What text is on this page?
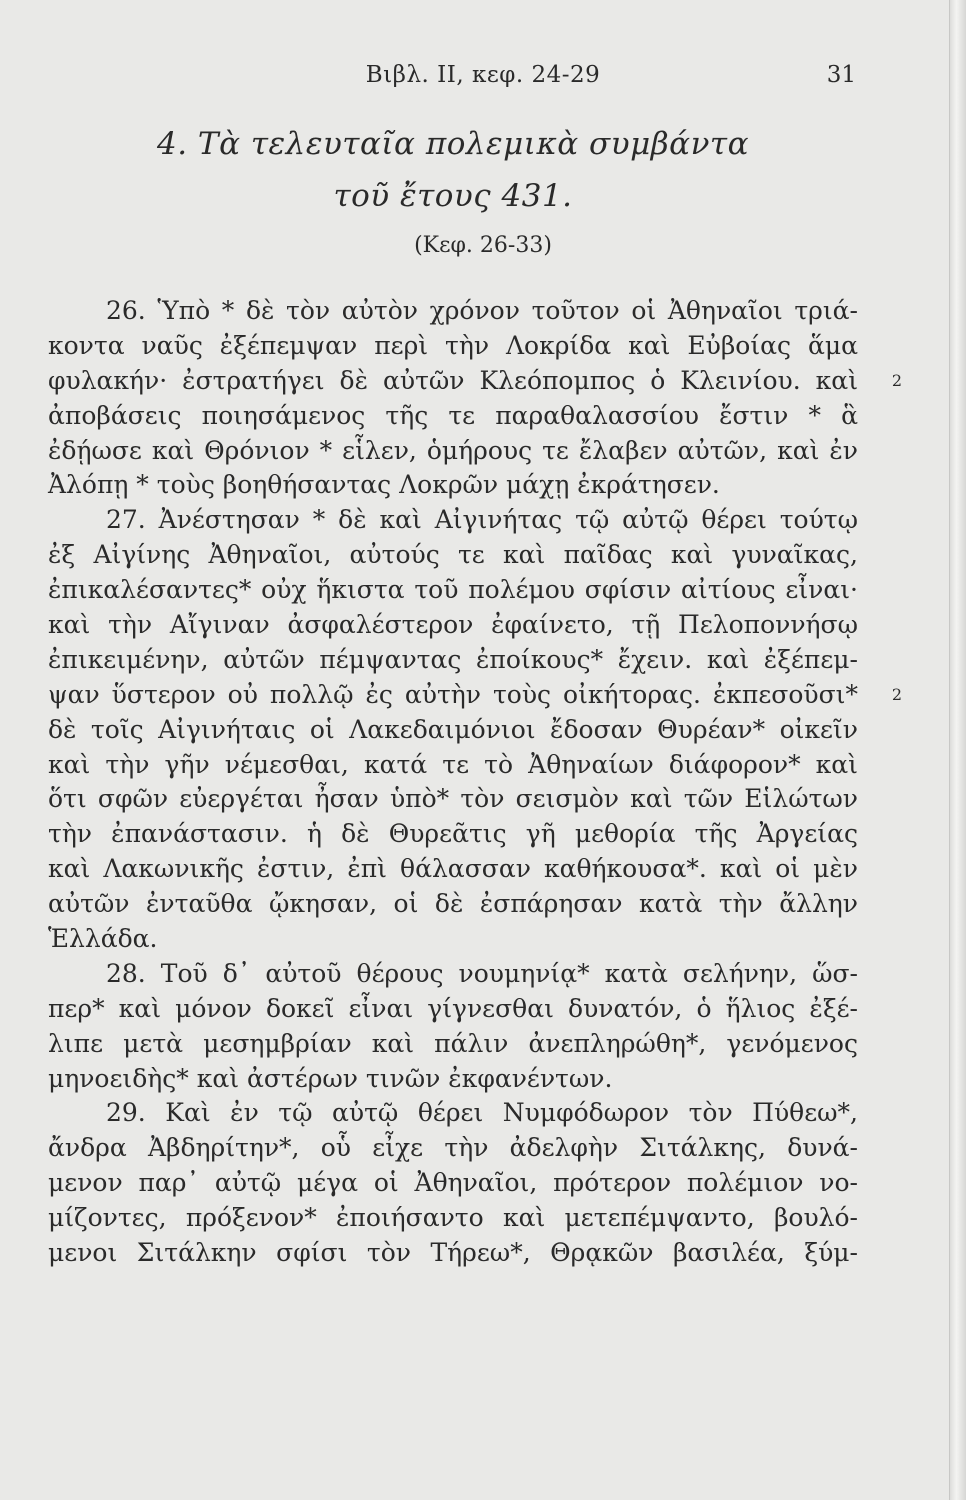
Βιβλ. ΙΙ, κεφ. 24-29	31
4. Τὰ τελευταῖα πολεμικὰ συμβάντα
τοῦ ἔτους 431.
(Κεφ. 26-33)
26. Ὑπὸ * δὲ τὸν αὐτὸν χρόνον τοῦτον οἱ Ἀθηναῖοι τριά-
κοντα ναῦς ἐξέπεμψαν περὶ τὴν Λοκρίδα καὶ Εὐβοίας ἅμα
φυλακήν· ἐστρατήγει δὲ αὐτῶν Κλεόπομπος ὁ Κλεινίου. καὶ 2
ἀποβάσεις ποιησάμενος τῆς τε παραθαλασσίου ἔστιν * ἃ
ἐδῄωσε καὶ Θρόνιον * εἷλεν, ὁμήρους τε ἔλαβεν αὐτῶν, καὶ ἐν
Ἀλόπῃ * τοὺς βοηθήσαντας Λοκρῶν μάχῃ ἐκράτησεν.
27. Ἀνέστησαν * δὲ καὶ Αἰγινήτας τῷ αὐτῷ θέρει τούτῳ
ἐξ Αἰγίνης Ἀθηναῖοι, αὐτούς τε καὶ παῖδας καὶ γυναῖκας,
ἐπικαλέσαντες* οὐχ ἥκιστα τοῦ πολέμου σφίσιν αἰτίους εἶναι·
καὶ τὴν Αἴγιναν ἀσφαλέστερον ἐφαίνετο, τῇ Πελοποννήσῳ
ἐπικειμένην, αὐτῶν πέμψαντας ἐποίκους* ἔχειν. καὶ ἐξέπεμ-
ψαν ὕστερον οὐ πολλῷ ἐς αὐτὴν τοὺς οἰκήτορας. ἐκπεσοῦσι* 2
δὲ τοῖς Αἰγινήταις οἱ Λακεδαιμόνιοι ἔδοσαν Θυρέαν* οἰκεῖν
καὶ τὴν γῆν νέμεσθαι, κατά τε τὸ Ἀθηναίων διάφορον* καὶ
ὅτι σφῶν εὐεργέται ἦσαν ὑπὸ* τὸν σεισμὸν καὶ τῶν Εἱλώτων
τὴν ἐπανάστασιν. ἡ δὲ Θυρεᾶτις γῆ μεθορία τῆς Ἀργείας
καὶ Λακωνικῆς ἐστιν, ἐπὶ θάλασσαν καθήκουσα*. καὶ οἱ μὲν
αὐτῶν ἐνταῦθα ᾤκησαν, οἱ δὲ ἐσπάρησαν κατὰ τὴν ἄλλην
Ἑλλάδα.
28. Τοῦ δ᾽ αὐτοῦ θέρους νουμηνίᾳ* κατὰ σελήνην, ὥσ-
περ* καὶ μόνον δοκεῖ εἶναι γίγνεσθαι δυνατόν, ὁ ἥλιος ἐξέ-
λιπε μετὰ μεσημβρίαν καὶ πάλιν ἀνεπληρώθη*, γενόμενος
μηνοειδὴς* καὶ ἀστέρων τινῶν ἐκφανέντων.
29. Καὶ ἐν τῷ αὐτῷ θέρει Νυμφόδωρον τὸν Πύθεω*,
ἄνδρα Ἀβδηρίτην*, οὗ εἶχε τὴν ἀδελφὴν Σιτάλκης, δυνά-
μενον παρ᾽ αὐτῷ μέγα οἱ Ἀθηναῖοι, πρότερον πολέμιον νο-
μίζοντες, πρόξενον* ἐποιήσαντο καὶ μετεπέμψαντο, βουλό-
μενοι Σιτάλκην σφίσι τὸν Τήρεω*, Θρᾳκῶν βασιλέα, ξύμ-
